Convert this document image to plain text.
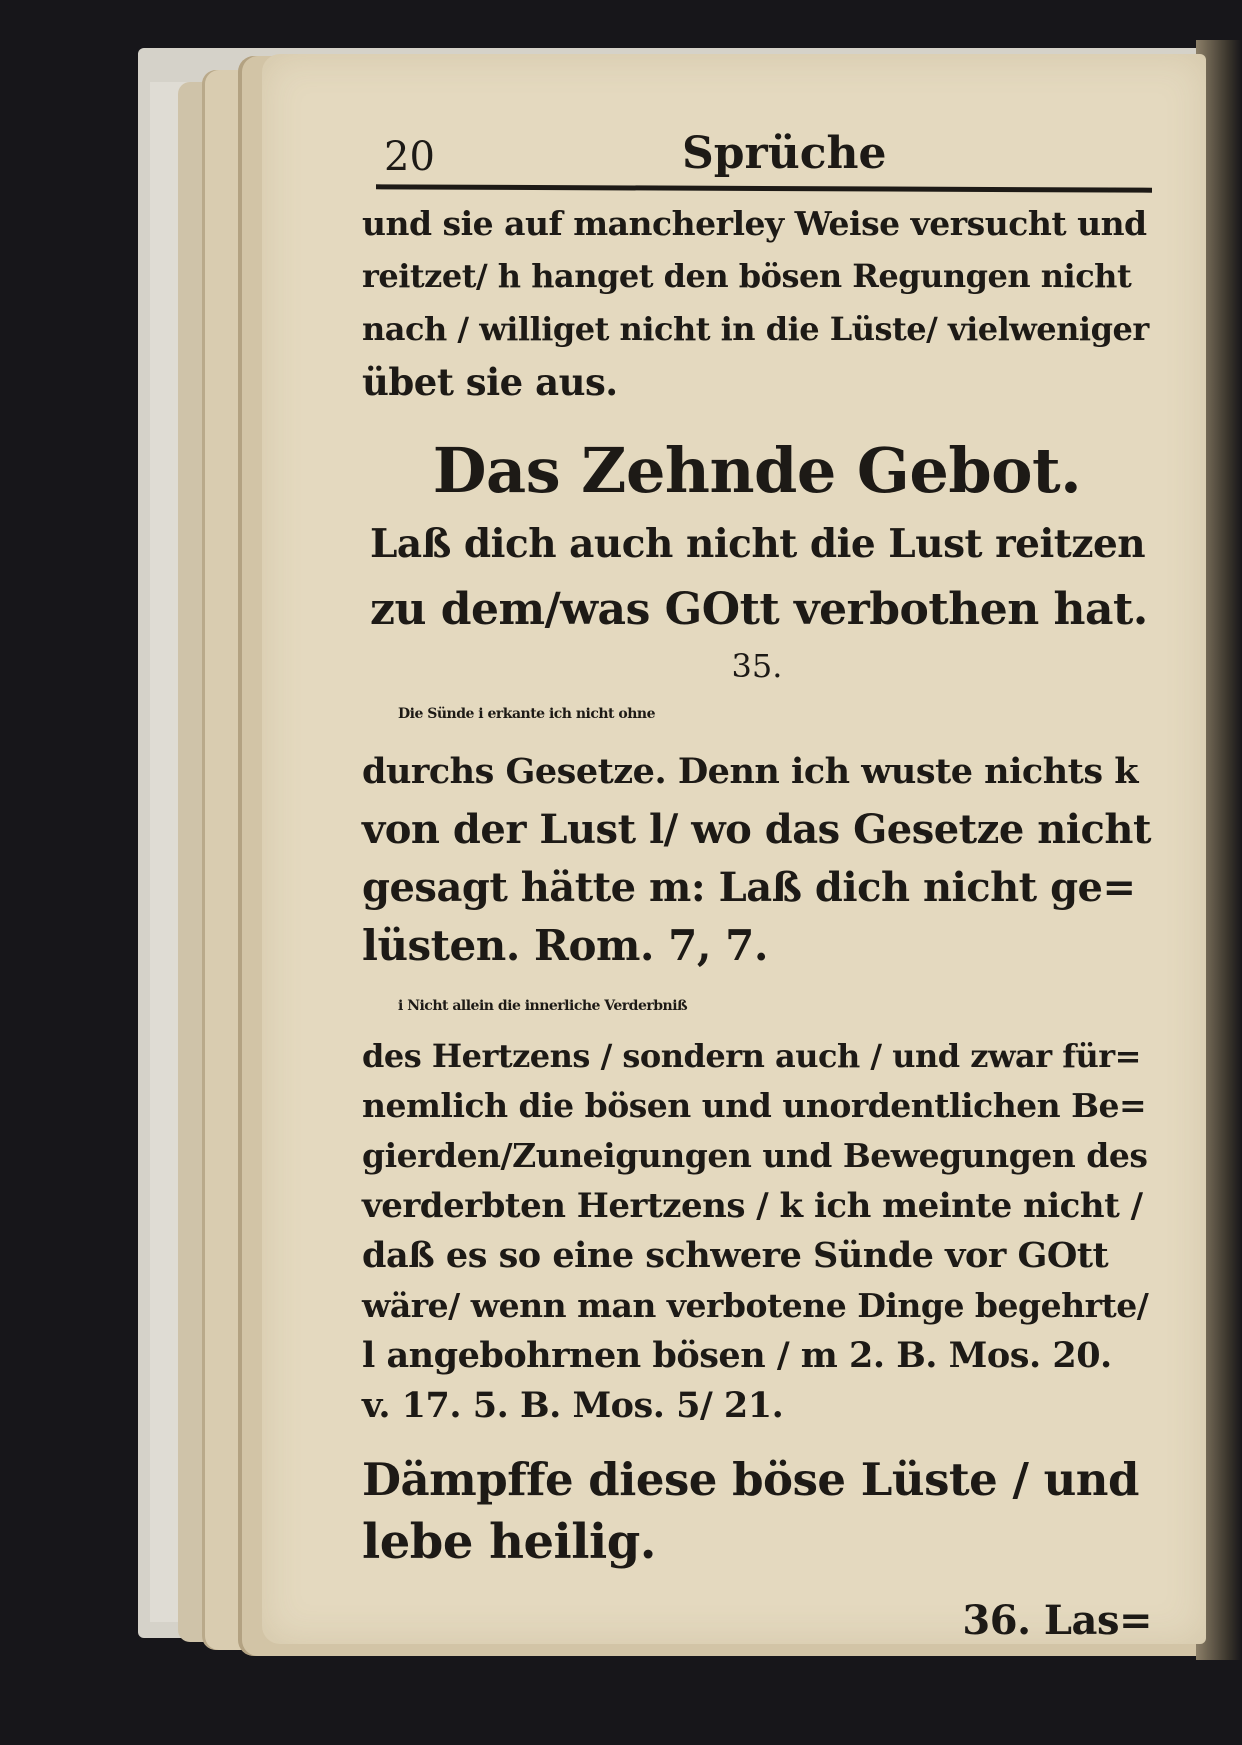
20	Sprüche
und sie auf mancherley Weise versucht und
reitzet/ h hanget den bösen Regungen nicht
nach / williget nicht in die Lüste/ vielweniger
übet sie aus.
Das Zehnde Gebot.
Laß dich auch nicht die Lust reitzen
zu dem/was GOtt verbothen hat.
35.
Die Sünde i erkante ich nicht ohne
durchs Gesetze. Denn ich wuste nichts k
von der Lust l/ wo das Gesetze nicht
gesagt hätte m: Laß dich nicht ge=
lüsten. Rom. 7, 7.
i Nicht allein die innerliche Verderbniß
des Hertzens / sondern auch / und zwar für=
nemlich die bösen und unordentlichen Be=
gierden/Zuneigungen und Bewegungen des
verderbten Hertzens / k ich meinte nicht /
daß es so eine schwere Sünde vor GOtt
wäre/ wenn man verbotene Dinge begehrte/
l angebohrnen bösen / m 2. B. Mos. 20.
v. 17. 5. B. Mos. 5/ 21.
Dämpffe diese böse Lüste / und
lebe heilig.
36. Las=
